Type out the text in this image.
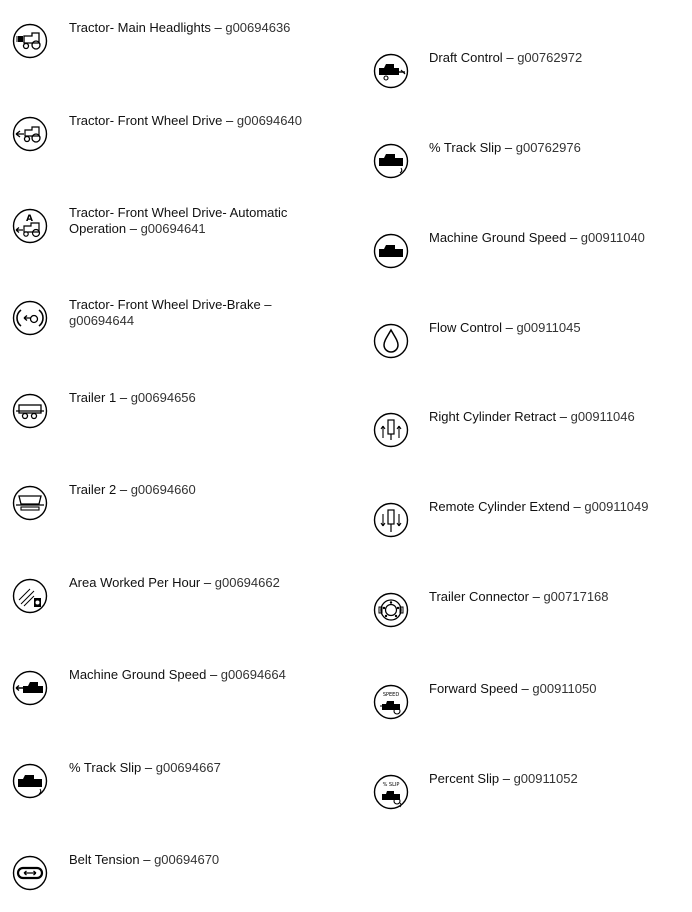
Tractor- Main Headlights – g00694636
Tractor- Front Wheel Drive – g00694640
A	Tractor- Front Wheel Drive- Automatic Operation – g00694641
Tractor- Front Wheel Drive-Brake – g00694644
Trailer 1 – g00694656
Trailer 2 – g00694660
Area Worked Per Hour – g00694662
Machine Ground Speed – g00694664
% Track Slip – g00694667
Belt Tension – g00694670
Draft Control – g00762972
% Track Slip – g00762976
Machine Ground Speed – g00911040
Flow Control – g00911045
Right Cylinder Retract – g00911046
Remote Cylinder Extend – g00911049
Trailer Connector – g00717168
SPEED Forward Speed – g00911050
% SLIP Percent Slip – g00911052
